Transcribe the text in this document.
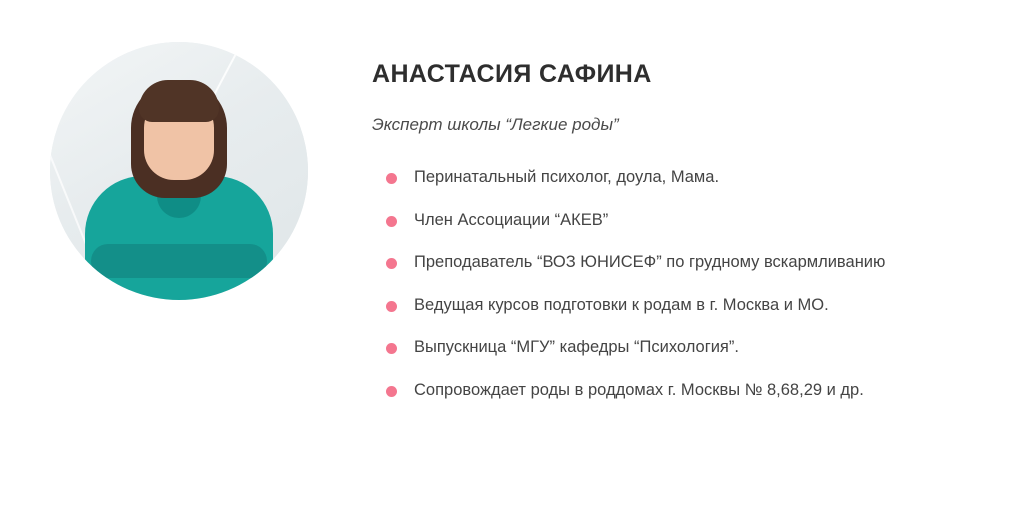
АНАСТАСИЯ САФИНА

Эксперт школы “Легкие роды”

Перинатальный психолог, доула, Мама.
Член Ассоциации “АКЕВ”
Преподаватель “ВОЗ ЮНИСЕФ” по грудному вскармливанию
Ведущая курсов подготовки к родам в г. Москва и МО.
Выпускница “МГУ” кафедры “Психология”.
Сопровождает роды в роддомах г. Москвы № 8,68,29 и др.
